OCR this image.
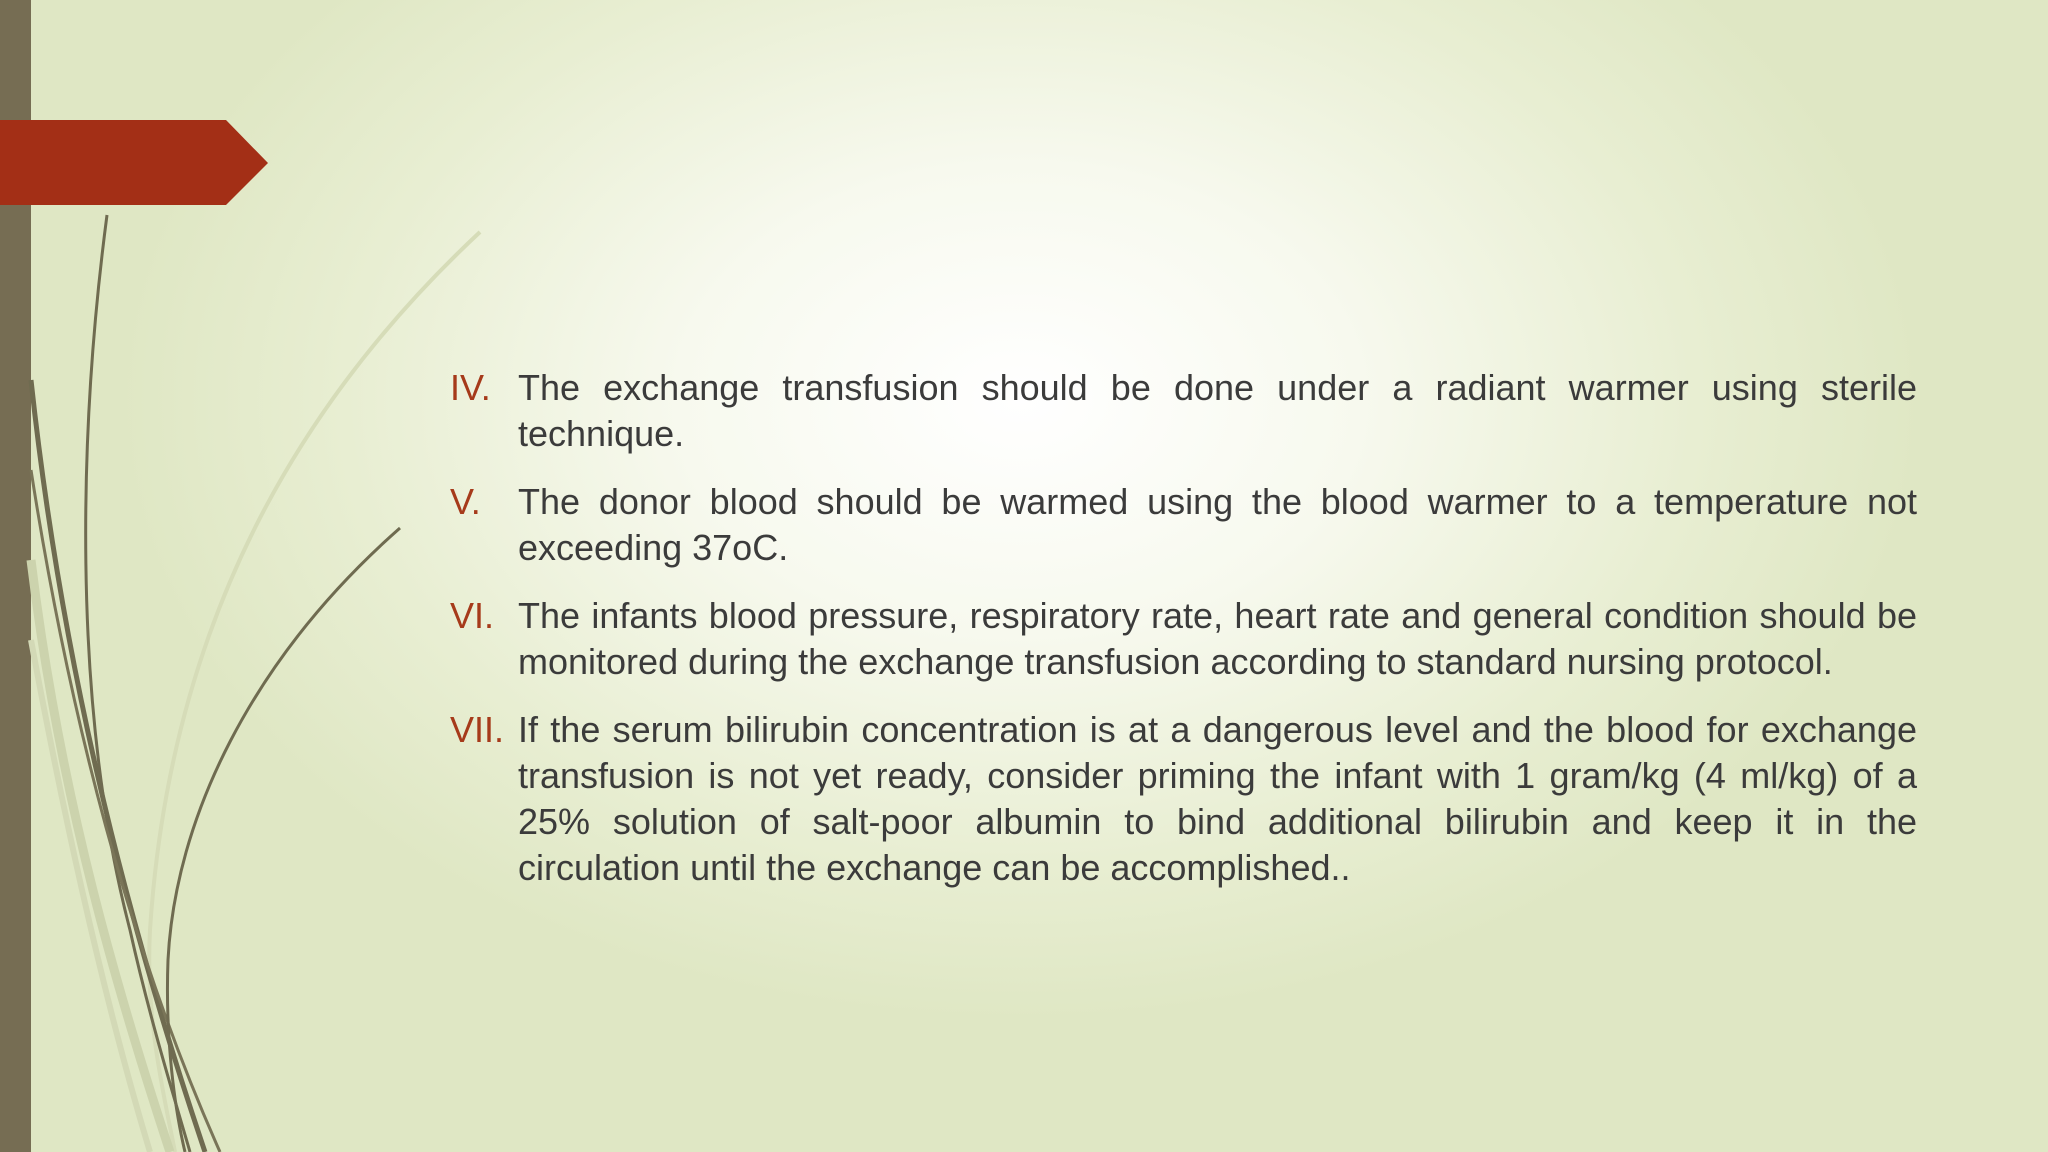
IV. The exchange transfusion should be done under a radiant warmer using sterile technique.
V.	The donor blood should be warmed using the blood warmer to a temperature not exceeding 37oC.
VI. The infants blood pressure, respiratory rate, heart rate and general condition should be monitored during the exchange transfusion according to standard nursing protocol.
VII. If the serum bilirubin concentration is at a dangerous level and the blood for exchange transfusion is not yet ready, consider priming the infant with 1 gram/kg (4 ml/kg) of a 25% solution of salt-poor albumin to bind additional bilirubin and keep it in the circulation until the exchange can be accomplished..
